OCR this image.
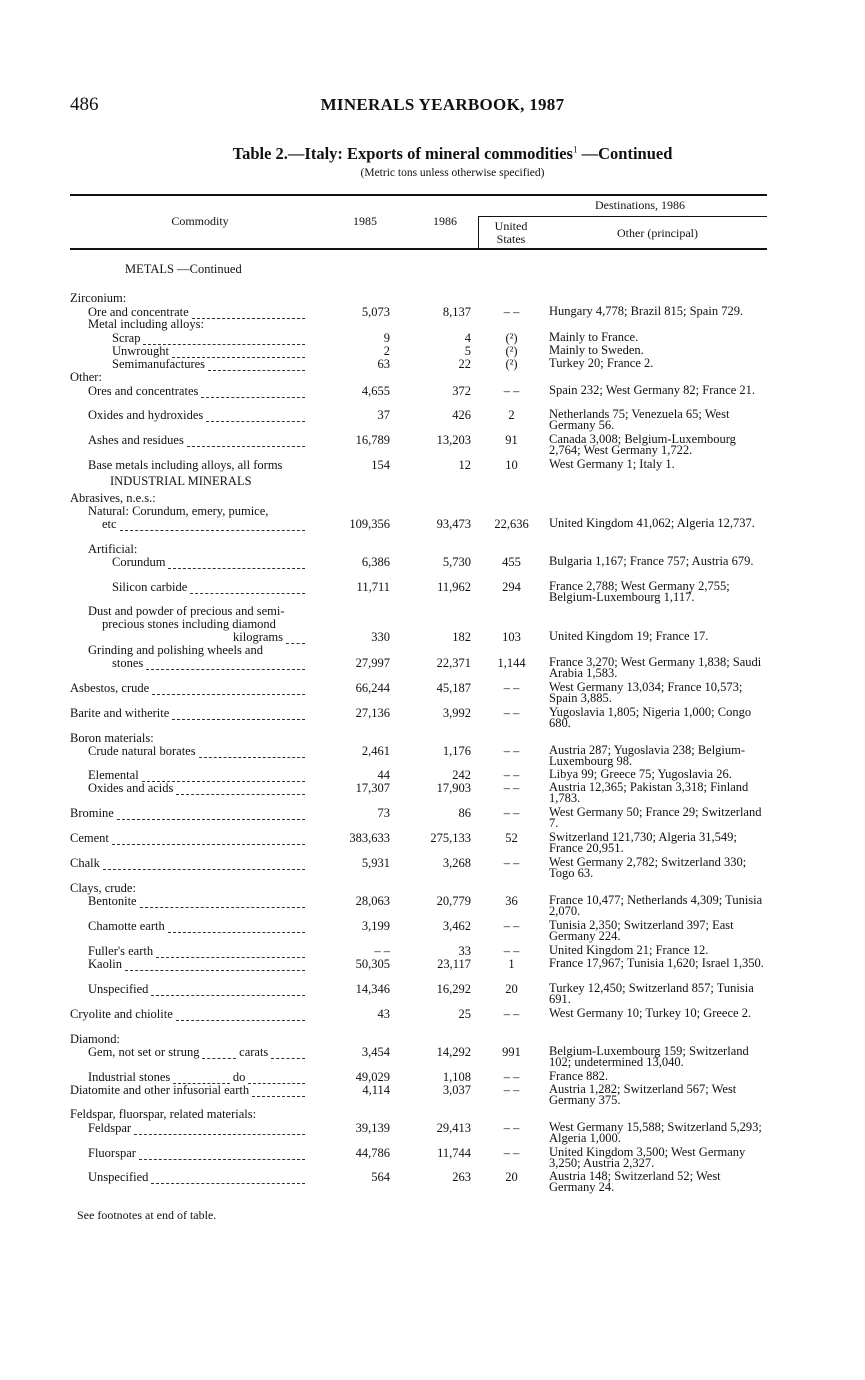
486	MINERALS YEARBOOK, 1987
Table 2.—Italy: Exports of mineral commodities$^1$ —Continued
(Metric tons unless otherwise specified)
Commodity	1985	1986
Destinations, 1986
United States	Other (principal)
METALS —Continued
Zirconium:
Ore and concentrate	5,073	8,137	– –	Hungary 4,778; Brazil 815; Spain 729.
Metal including alloys:
Scrap	9	4	(²)	Mainly to France.
Unwrought	2	5	(²)	Mainly to Sweden.
Semimanufactures	63	22	(²)	Turkey 20; France 2.
Other:
Ores and concentrates	4,655	372	– –	Spain 232; West Germany 82; France 21.
Oxides and hydroxides	37	426	2	Netherlands 75; Venezuela 65; West Germany 56.
Ashes and residues	16,789	13,203	91	Canada 3,008; Belgium-Luxembourg 2,764; West Germany 1,722.
Base metals including alloys, all forms	154	12	10	West Germany 1; Italy 1.
INDUSTRIAL MINERALS
Abrasives, n.e.s.:
Natural: Corundum, emery, pumice,
etc	109,356	93,473	22,636	United Kingdom 41,062; Algeria 12,737.
Artificial:
Corundum	6,386	5,730	455	Bulgaria 1,167; France 757; Austria 679.
Silicon carbide	11,711	11,962	294	France 2,788; West Germany 2,755; Belgium-Luxembourg 1,117.
Dust and powder of precious and semi-
precious stones including diamond
kilograms	330	182	103	United Kingdom 19; France 17.
Grinding and polishing wheels and
stones	27,997	22,371	1,144	France 3,270; West Germany 1,838; Saudi Arabia 1,583.
Asbestos, crude	66,244	45,187	– –	West Germany 13,034; France 10,573; Spain 3,885.
Barite and witherite	27,136	3,992	– –	Yugoslavia 1,805; Nigeria 1,000; Congo 680.
Boron materials:
Crude natural borates	2,461	1,176	– –	Austria 287; Yugoslavia 238; Belgium-Luxembourg 98.
Elemental	44	242	– –	Libya 99; Greece 75; Yugoslavia 26.
Oxides and acids	17,307	17,903	– –	Austria 12,365; Pakistan 3,318; Finland 1,783.
Bromine	73	86	– –	West Germany 50; France 29; Switzerland 7.
Cement	383,633	275,133	52	Switzerland 121,730; Algeria 31,549; France 20,951.
Chalk	5,931	3,268	– –	West Germany 2,782; Switzerland 330; Togo 63.
Clays, crude:
Bentonite	28,063	20,779	36	France 10,477; Netherlands 4,309; Tunisia 2,070.
Chamotte earth	3,199	3,462	– –	Tunisia 2,350; Switzerland 397; East Germany 224.
Fuller's earth	– –	33	– –	United Kingdom 21; France 12.
Kaolin	50,305	23,117	1	France 17,967; Tunisia 1,620; Israel 1,350.
Unspecified	14,346	16,292	20	Turkey 12,450; Switzerland 857; Tunisia 691.
Cryolite and chiolite	43	25	– –	West Germany 10; Turkey 10; Greece 2.
Diamond:
Gem, not set or strung	carats	3,454	14,292	991	Belgium-Luxembourg 159; Switzerland 102; undetermined 13,040.
Industrial stones	do	49,029	1,108	– –	France 882.
Diatomite and other infusorial earth	4,114	3,037	– –	Austria 1,282; Switzerland 567; West Germany 375.
Feldspar, fluorspar, related materials:
Feldspar	39,139	29,413	– –	West Germany 15,588; Switzerland 5,293; Algeria 1,000.
Fluorspar	44,786	11,744	– –	United Kingdom 3,500; West Germany 3,250; Austria 2,327.
Unspecified	564	263	20	Austria 148; Switzerland 52; West Germany 24.
See footnotes at end of table.
